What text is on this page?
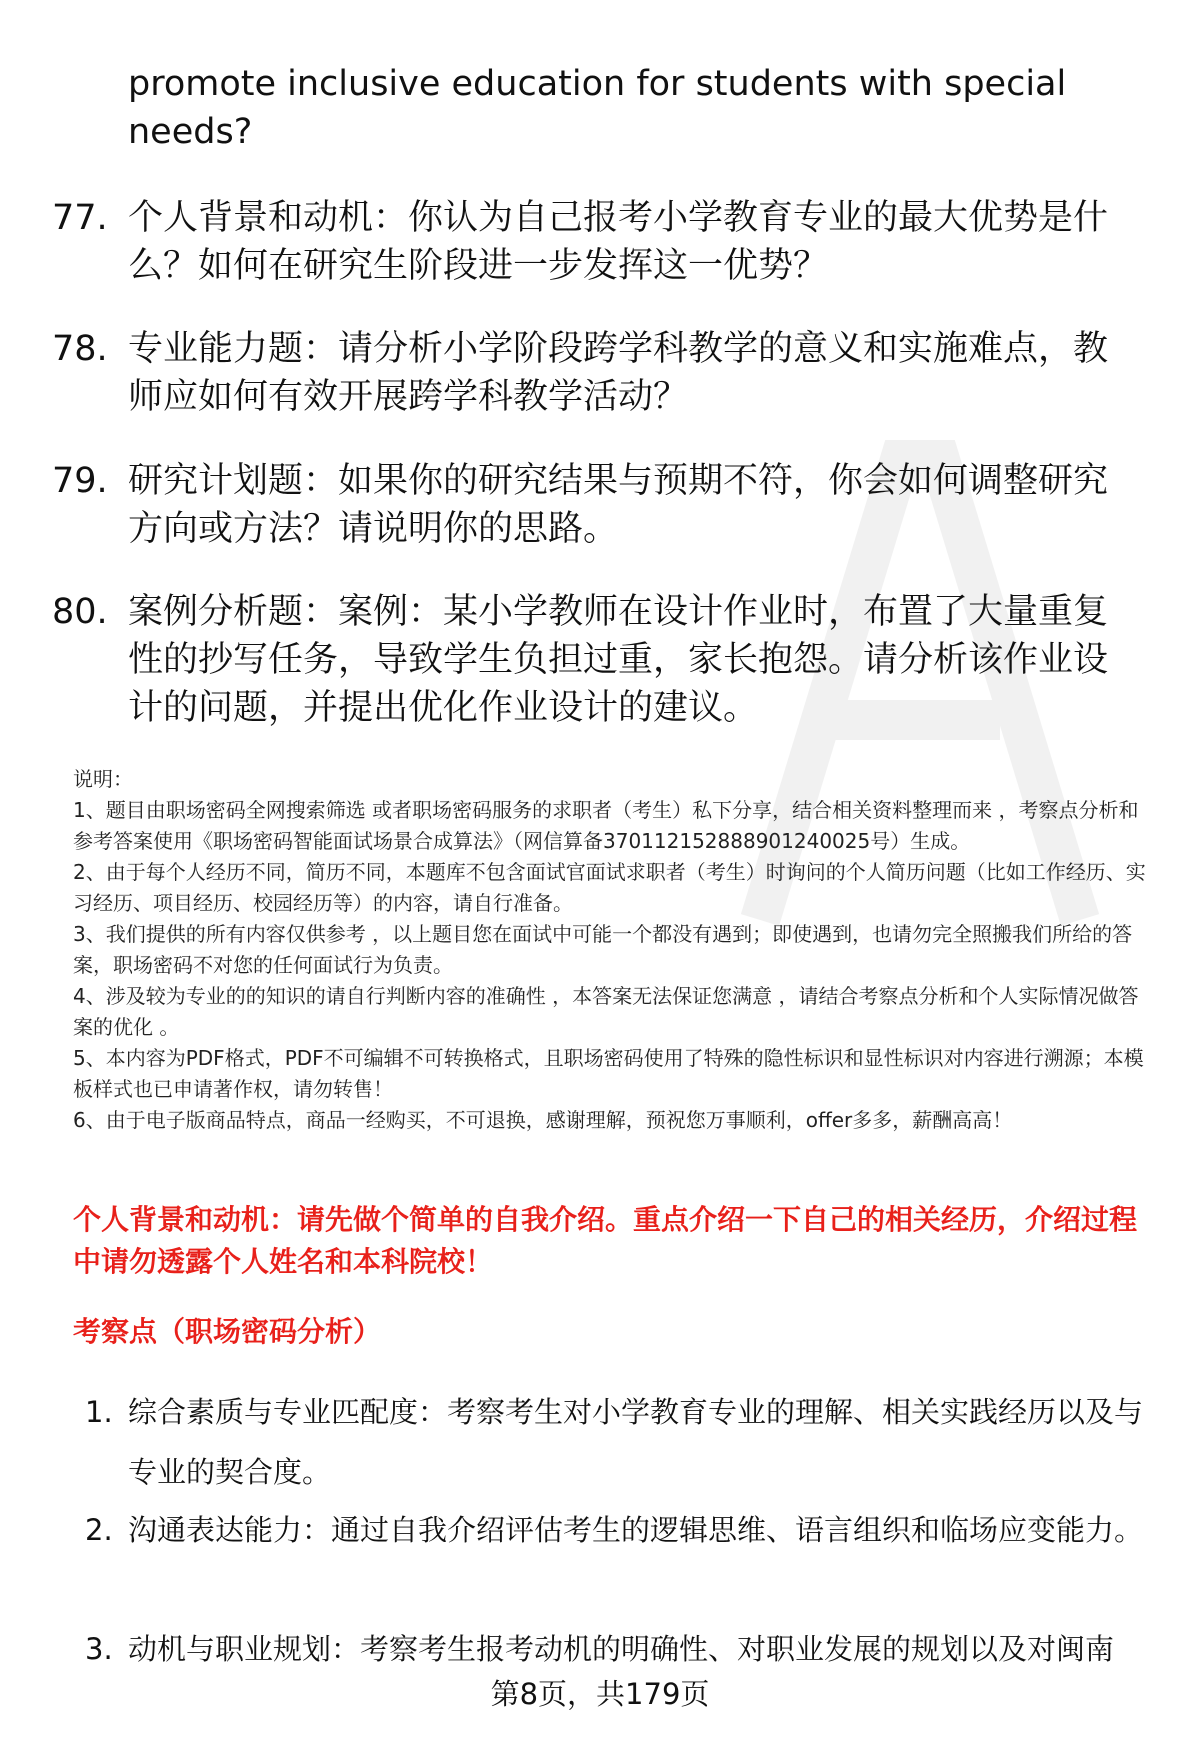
promote inclusive education for students with special needs?
77. 个人背景和动机：你认为自己报考小学教育专业的最大优势是什么？如何在研究生阶段进一步发挥这一优势？
78. 专业能力题：请分析小学阶段跨学科教学的意义和实施难点，教师应如何有效开展跨学科教学活动？
79. 研究计划题：如果你的研究结果与预期不符，你会如何调整研究方向或方法？请说明你的思路。
80. 案例分析题：案例：某小学教师在设计作业时，布置了大量重复性的抄写任务，导致学生负担过重，家长抱怨。请分析该作业设计的问题，并提出优化作业设计的建议。

说明：

1、题目由职场密码全网搜索筛选 或者职场密码服务的求职者（考生）私下分享，结合相关资料整理而来 ，考察点分析和参考答案使用《职场密码智能面试场景合成算法》（网信算备370112152888901240025号）生成。

2、由于每个人经历不同，简历不同，本题库不包含面试官面试求职者（考生）时询问的个人简历问题（比如工作经历、实习经历、项目经历、校园经历等）的内容，请自行准备。

3、我们提供的所有内容仅供参考 ，以上题目您在面试中可能一个都没有遇到；即使遇到，也请勿完全照搬我们所给的答案，职场密码不对您的任何面试行为负责。

4、涉及较为专业的的知识的请自行判断内容的准确性 ，本答案无法保证您满意 ，请结合考察点分析和个人实际情况做答案的优化 。

5、本内容为PDF格式，PDF不可编辑不可转换格式，且职场密码使用了特殊的隐性标识和显性标识对内容进行溯源；本模板样式也已申请著作权，请勿转售！

6、由于电子版商品特点，商品一经购买，不可退换，感谢理解，预祝您万事顺利，offer多多，薪酬高高！

个人背景和动机：请先做个简单的自我介绍。重点介绍一下自己的相关经历，介绍过程中请勿透露个人姓名和本科院校！
考察点（职场密码分析）
1. 综合素质与专业匹配度：考察考生对小学教育专业的理解、相关实践经历以及与专业的契合度。
2. 沟通表达能力：通过自我介绍评估考生的逻辑思维、语言组织和临场应变能力。
3. 动机与职业规划：考察考生报考动机的明确性、对职业发展的规划以及对闽南
第8页，共179页
